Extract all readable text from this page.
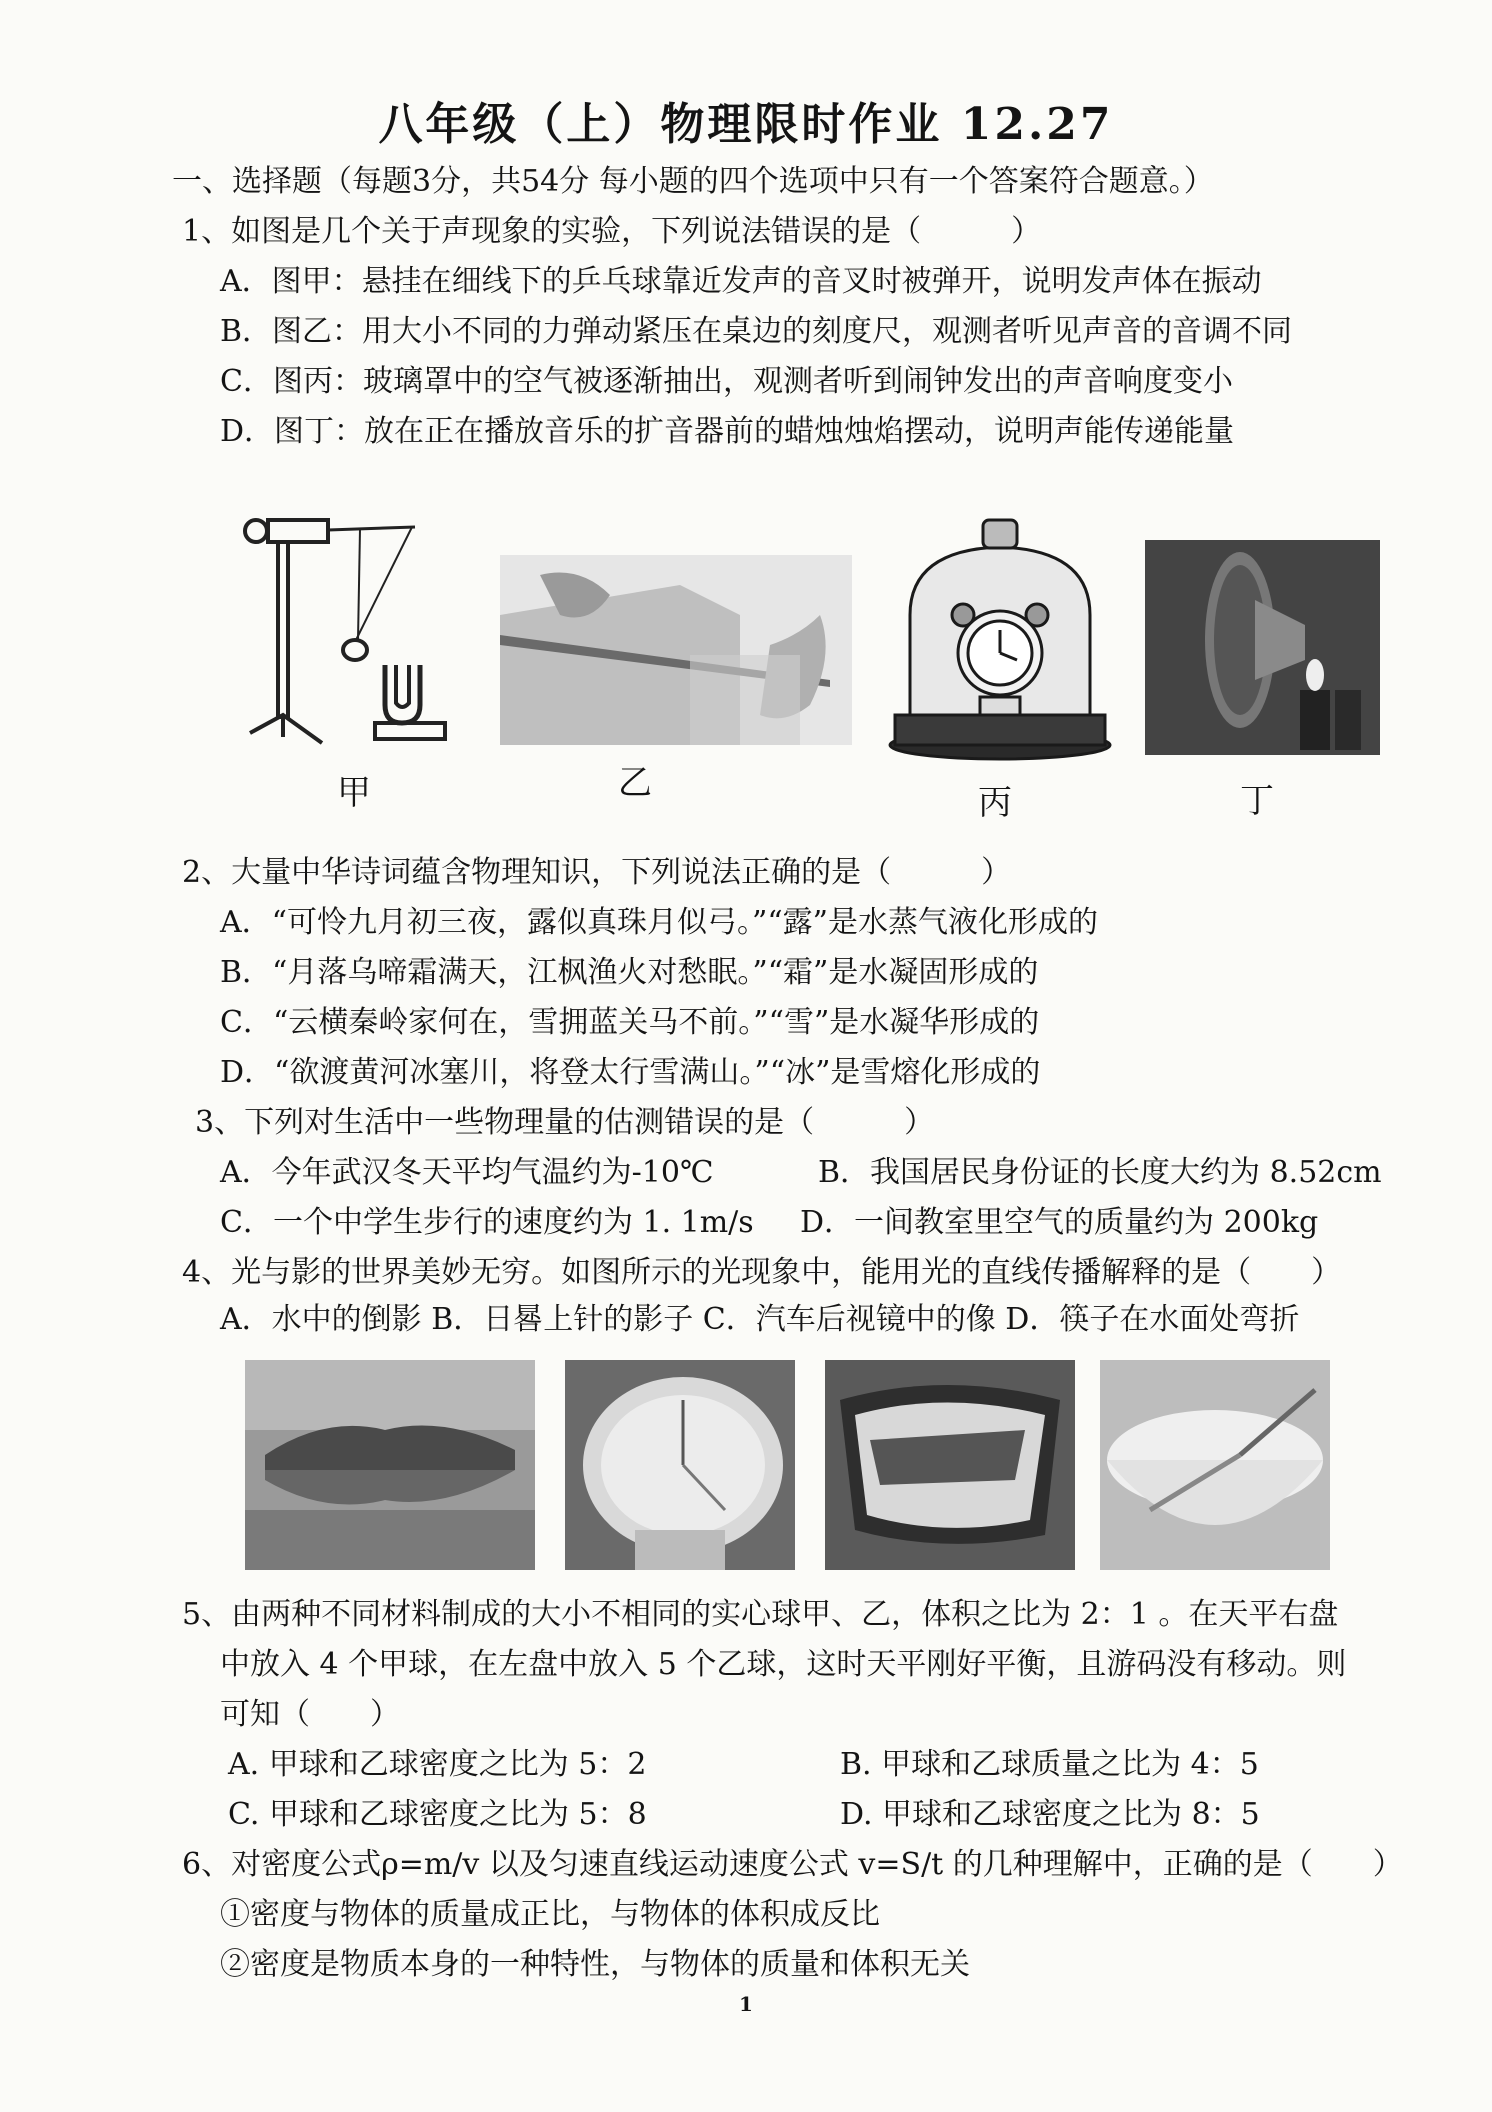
八年级（上）物理限时作业 12.27
一、选择题（每题3分，共54分 每小题的四个选项中只有一个答案符合题意。）
1、如图是几个关于声现象的实验，下列说法错误的是（　　　）
A．图甲：悬挂在细线下的乒乓球靠近发声的音叉时被弹开，说明发声体在振动
B．图乙：用大小不同的力弹动紧压在桌边的刻度尺，观测者听见声音的音调不同
C．图丙：玻璃罩中的空气被逐渐抽出，观测者听到闹钟发出的声音响度变小
D．图丁：放在正在播放音乐的扩音器前的蜡烛烛焰摆动，说明声能传递能量
甲	乙	丙	丁
2、大量中华诗词蕴含物理知识，下列说法正确的是（　　　）
A．“可怜九月初三夜，露似真珠月似弓。”“露”是水蒸气液化形成的
B．“月落乌啼霜满天，江枫渔火对愁眠。”“霜”是水凝固形成的
C．“云横秦岭家何在，雪拥蓝关马不前。”“雪”是水凝华形成的
D．“欲渡黄河冰塞川，将登太行雪满山。”“冰”是雪熔化形成的
3、下列对生活中一些物理量的估测错误的是（　　　）
A．今年武汉冬天平均气温约为-10℃	B．我国居民身份证的长度大约为 8.52cm
C．一个中学生步行的速度约为 1. 1m/s D．一间教室里空气的质量约为 200kg
4、光与影的世界美妙无穷。如图所示的光现象中，能用光的直线传播解释的是（　　）
A．水中的倒影 B．日晷上针的影子 C．汽车后视镜中的像 D．筷子在水面处弯折
5、由两种不同材料制成的大小不相同的实心球甲、乙，体积之比为 2：1 。在天平右盘
中放入 4 个甲球，在左盘中放入 5 个乙球，这时天平刚好平衡，且游码没有移动。则
可知（　　）
A. 甲球和乙球密度之比为 5：2	B. 甲球和乙球质量之比为 4：5
C. 甲球和乙球密度之比为 5：8	D. 甲球和乙球密度之比为 8：5
6、对密度公式ρ=m/v 以及匀速直线运动速度公式 v=S/t 的几种理解中，正确的是（　　）
①密度与物体的质量成正比，与物体的体积成反比
②密度是物质本身的一种特性，与物体的质量和体积无关
1
